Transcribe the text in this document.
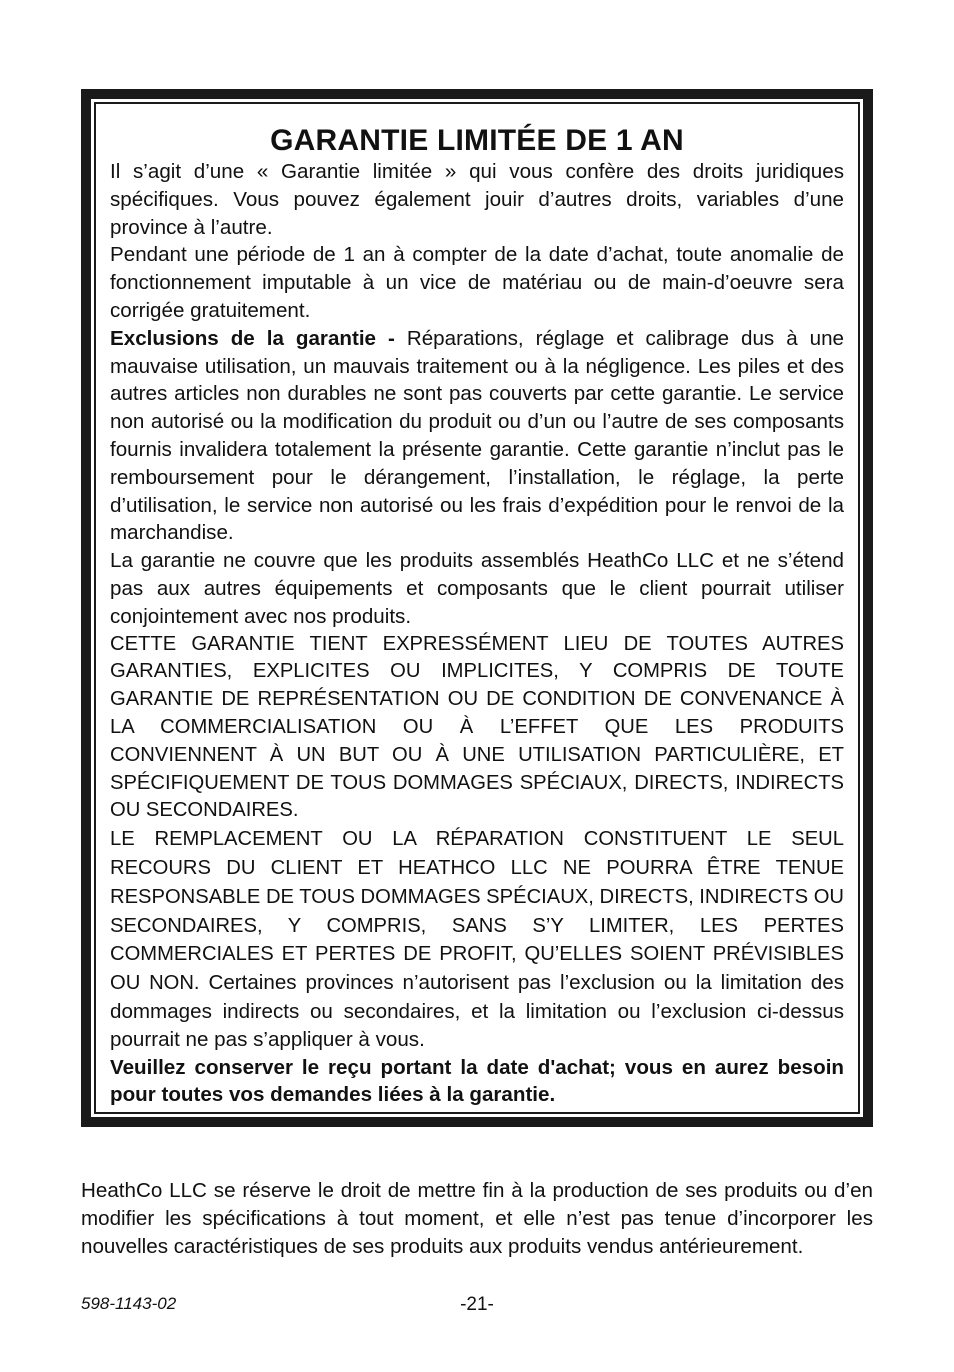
GARANTIE LIMITÉE DE 1 AN

Il s’agit d’une « Garantie limitée » qui vous confère des droits juridiques spécifiques. Vous pouvez également jouir d’autres droits, variables d’une province à l’autre.

Pendant une période de 1 an à compter de la date d’achat, toute anomalie de fonctionnement imputable à un vice de matériau ou de main-d’oeuvre sera corrigée gratuitement.

Exclusions de la garantie - Réparations, réglage et calibrage dus à une mauvaise utilisation, un mauvais traitement ou à la négligence. Les piles et des autres articles non durables ne sont pas couverts par cette garantie. Le service non autorisé ou la modification du produit ou d’un ou l’autre de ses composants fournis invalidera totalement la présente garantie. Cette garantie n’inclut pas le remboursement pour le dérangement, l’installation, le réglage, la perte d’utilisation, le service non autorisé ou les frais d’expédition pour le renvoi de la marchandise.

La garantie ne couvre que les produits assemblés HeathCo LLC et ne s’étend pas aux autres équipements et composants que le client pourrait utiliser conjointement avec nos produits.

CETTE GARANTIE TIENT EXPRESSÉMENT LIEU DE TOUTES AUTRES GARANTIES, EXPLICITES OU IMPLICITES, Y COMPRIS DE TOUTE GARANTIE DE REPRÉSENTATION OU DE CONDITION DE CONVENANCE À LA COMMERCIALISATION OU À L’EFFET QUE LES PRODUITS CONVIENNENT À UN BUT OU À UNE UTILISATION PARTICULIÈRE, ET SPÉCIFIQUEMENT DE TOUS DOMMAGES SPÉCIAUX, DIRECTS, INDIRECTS OU SECONDAIRES.

LE REMPLACEMENT OU LA RÉPARATION CONSTITUENT LE SEUL RECOURS DU CLIENT ET HEATHCO LLC NE POURRA ÊTRE TENUE RESPONSABLE DE TOUS DOMMAGES SPÉCIAUX, DIRECTS, INDIRECTS OU SECONDAIRES, Y COMPRIS, SANS S’Y LIMITER, LES PERTES COMMERCIALES ET PERTES DE PROFIT, QU’ELLES SOIENT PRÉVISIBLES OU NON. Certaines provinces n’autorisent pas l’exclusion ou la limitation des dommages indirects ou secondaires, et la limitation ou l’exclusion ci-dessus pourrait ne pas s’appliquer à vous.

Veuillez conserver le reçu portant la date d'achat; vous en aurez besoin pour toutes vos demandes liées à la garantie.

HeathCo LLC se réserve le droit de mettre fin à la production de ses produits ou d’en modifier les spécifications à tout moment, et elle n’est pas tenue d’incorporer les nouvelles caractéristiques de ses produits aux produits vendus antérieurement.

598-1143-02	-21-
